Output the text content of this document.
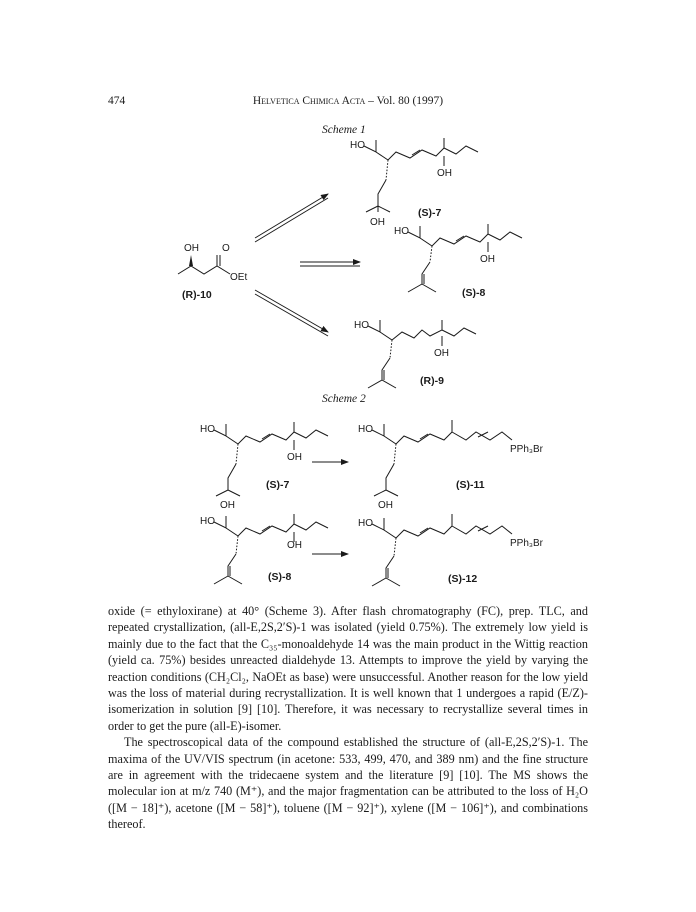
474	Helvetica Chimica Acta – Vol. 80 (1997)
Scheme 1
Scheme 2
OH O
OEt
(R)-10
HO
OH
OH
(S)-7
HO
OH
(S)-8
HO
OH
(R)-9
HO
OH
OH
(S)-7
HO
PPh₃Br
OH
(S)-11
HO
OH
(S)-8
HO
PPh₃Br
(S)-12

oxide (= ethyloxirane) at 40° (Scheme 3). After flash chromatography (FC), prep. TLC, and repeated crystallization, (all-E,2S,2′S)-1 was isolated (yield 0.75%). The extremely low yield is mainly due to the fact that the C₃₅-monoaldehyde 14 was the main product in the Wittig reaction (yield ca. 75%) besides unreacted dialdehyde 13. Attempts to improve the yield by varying the reaction conditions (CH₂Cl₂, NaOEt as base) were unsuccessful. Another reason for the low yield was the loss of material during recrystallization. It is well known that 1 undergoes a rapid (E/Z)-isomerization in solution [9] [10]. Therefore, it was necessary to recrystallize several times in order to get the pure (all-E)-isomer.

The spectroscopical data of the compound established the structure of (all-E,2S,2′S)-1. The maxima of the UV/VIS spectrum (in acetone: 533, 499, 470, and 389 nm) and the fine structure are in agreement with the tridecaene system and the literature [9] [10]. The MS shows the molecular ion at m/z 740 (M⁺), and the major fragmentation can be attributed to the loss of H₂O ([M − 18]⁺), acetone ([M − 58]⁺), toluene ([M − 92]⁺), xylene ([M − 106]⁺), and combinations thereof.
